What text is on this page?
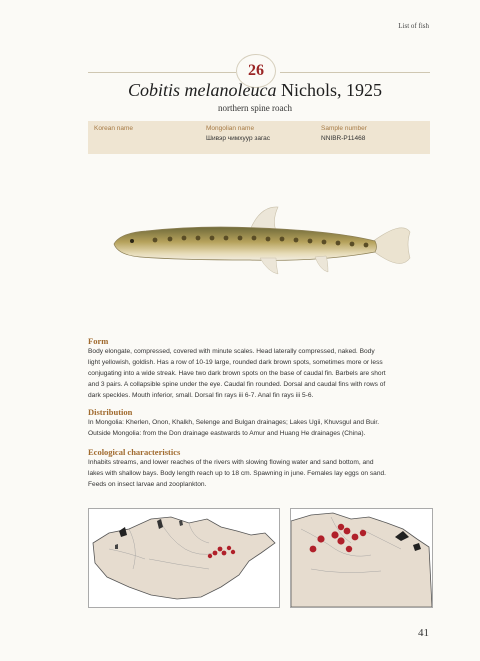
List of fish
26
Cobitis melanoleuca Nichols, 1925
northern spine roach
Korean name	Mongolian name
Шивэр чимхуур загас
Sample number
NNIBR-P11468
Form
Body elongate, compressed, covered with minute scales. Head laterally compressed, naked. Body
light yellowish, goldish. Has a row of 10-19 large, rounded dark brown spots, sometimes more or less
conjugating into a wide streak. Have two dark brown spots on the base of caudal fin. Barbels are short
and 3 pairs. A collapsible spine under the eye. Caudal fin rounded. Dorsal and caudal fins with rows of
dark speckles. Mouth inferior, small. Dorsal fin rays iii 6-7. Anal fin rays iii 5-6.
Distribution
In Mongolia: Kherlen, Onon, Khalkh, Selenge and Bulgan drainages; Lakes Ugii, Khuvsgul and Buir.
Outside Mongolia: from the Don drainage eastwards to Amur and Huang He drainages (China).
Ecological characteristics
Inhabits streams, and lower reaches of the rivers with slowing flowing water and sand bottom, and
lakes with shallow bays. Body length reach up to 18 cm. Spawning in june. Females lay eggs on sand.
Feeds on insect larvae and zooplankton.
41
